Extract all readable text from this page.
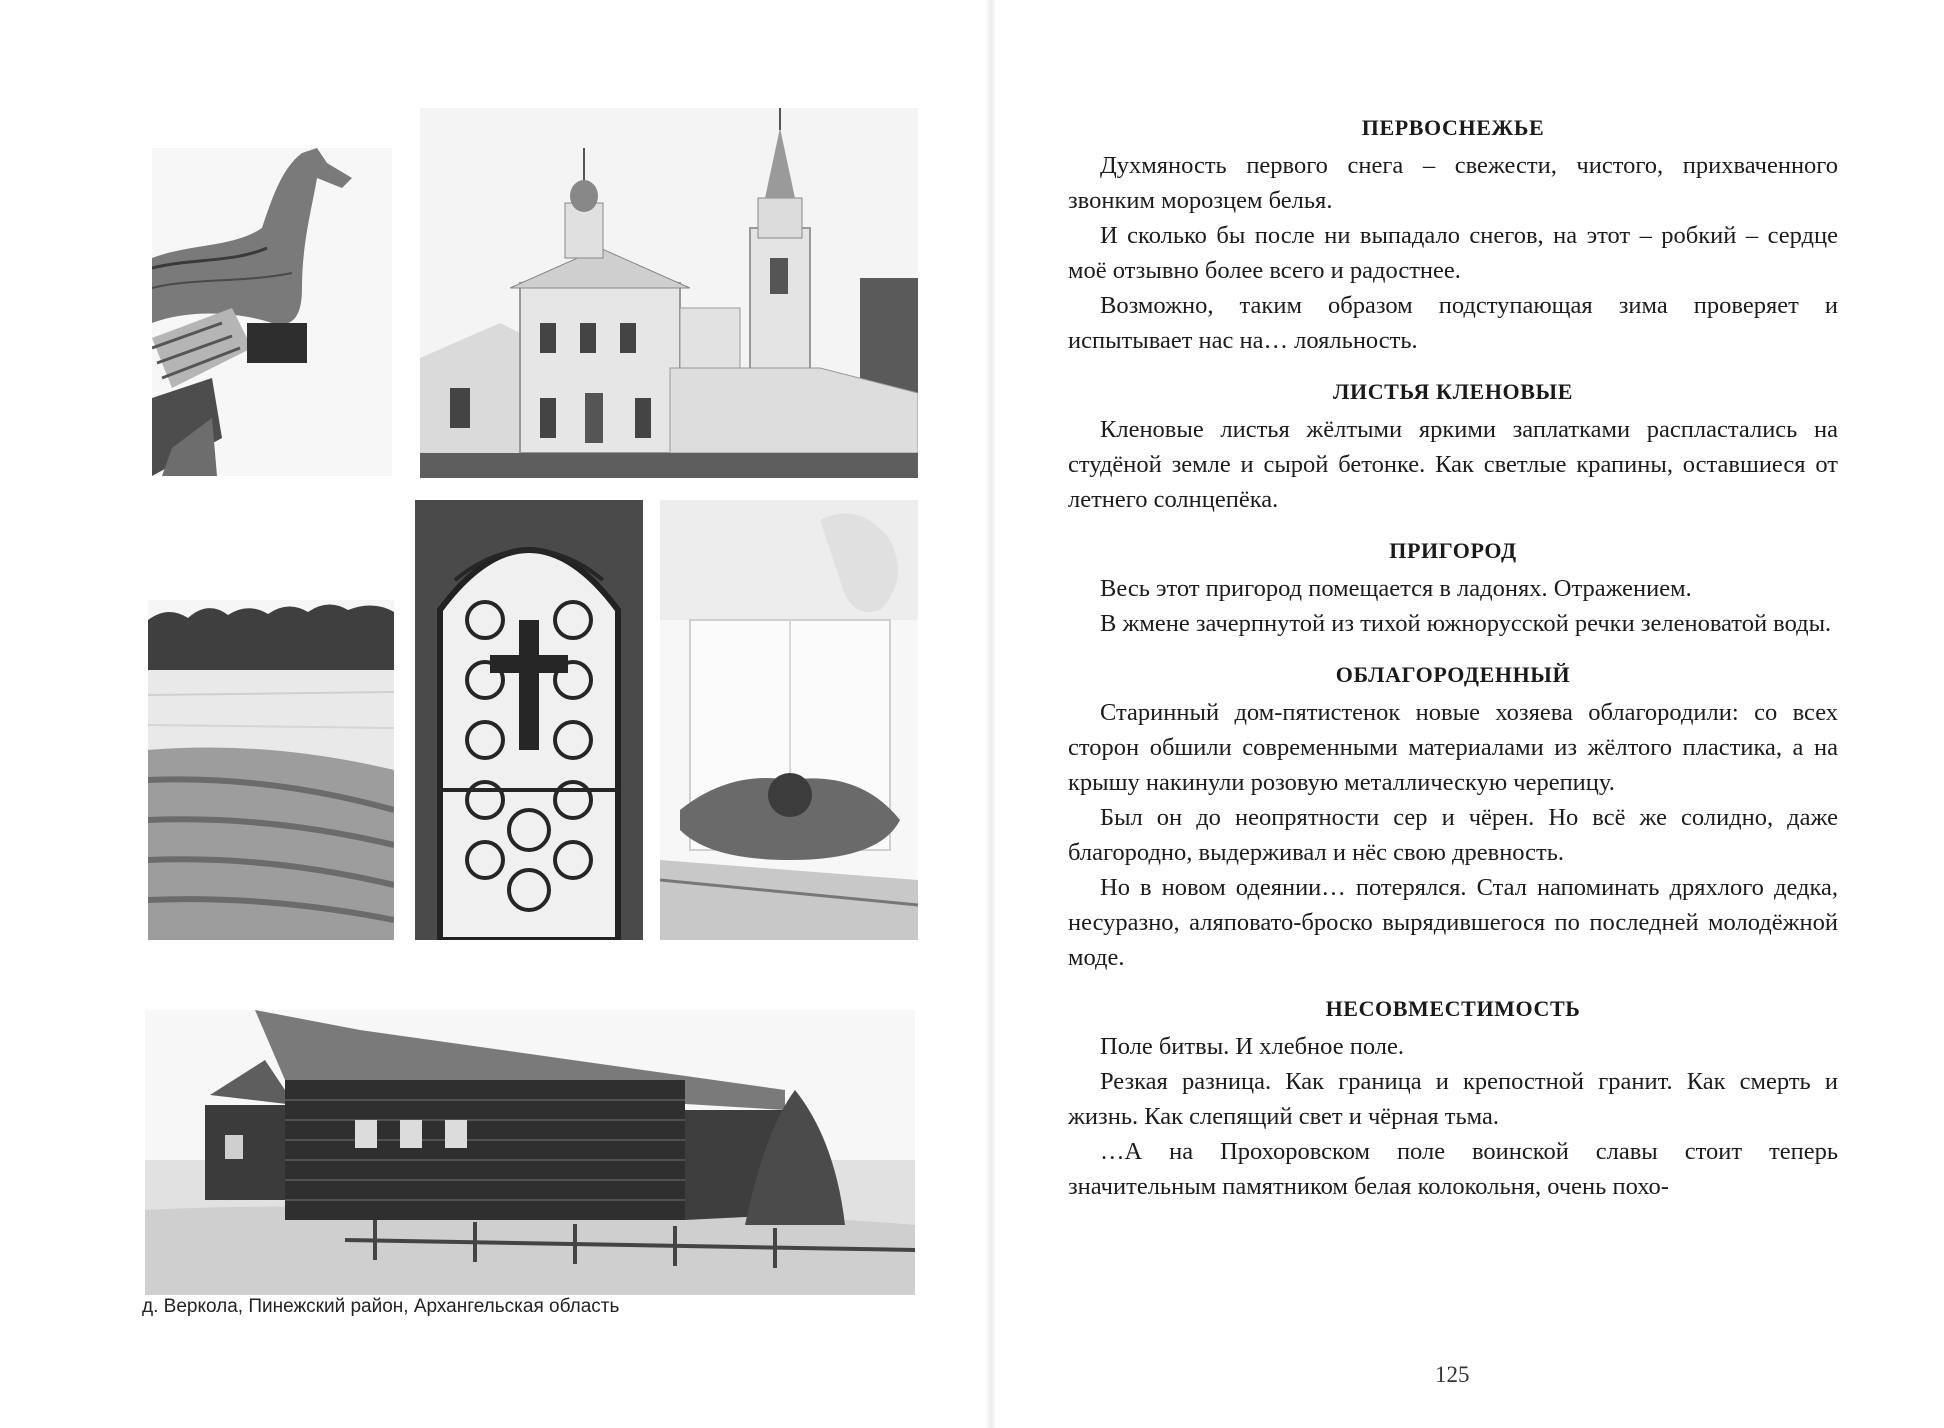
д. Веркола, Пинежский район, Архангельская область
ПЕРВОСНЕЖЬЕ

Духмяность первого снега – свежести, чистого, прихваченного звонким морозцем белья.

И сколько бы после ни выпадало снегов, на этот – робкий – сердце моё отзывно более всего и радостнее.

Возможно, таким образом подступающая зима проверяет и испытывает нас на… лояльность.

ЛИСТЬЯ КЛЕНОВЫЕ

Кленовые листья жёлтыми яркими заплатками распластались на студёной земле и сырой бетонке. Как светлые крапины, оставшиеся от летнего солнцепёка.

ПРИГОРОД

Весь этот пригород помещается в ладонях. Отражением.

В жмене зачерпнутой из тихой южнорусской речки зеленоватой воды.

ОБЛАГОРОДЕННЫЙ

Старинный дом-пятистенок новые хозяева облагородили: со всех сторон обшили современными материалами из жёлтого пластика, а на крышу накинули розовую металлическую черепицу.

Был он до неопрятности сер и чёрен. Но всё же солидно, даже благородно, выдерживал и нёс свою древность.

Но в новом одеянии… потерялся. Стал напоминать дряхлого дедка, несуразно, аляповато-броско вырядившегося по последней молодёжной моде.

НЕСОВМЕСТИМОСТЬ

Поле битвы. И хлебное поле.

Резкая разница. Как граница и крепостной гранит. Как смерть и жизнь. Как слепящий свет и чёрная тьма.

…А на Прохоровском поле воинской славы стоит теперь значительным памятником белая колокольня, очень похо-

125
